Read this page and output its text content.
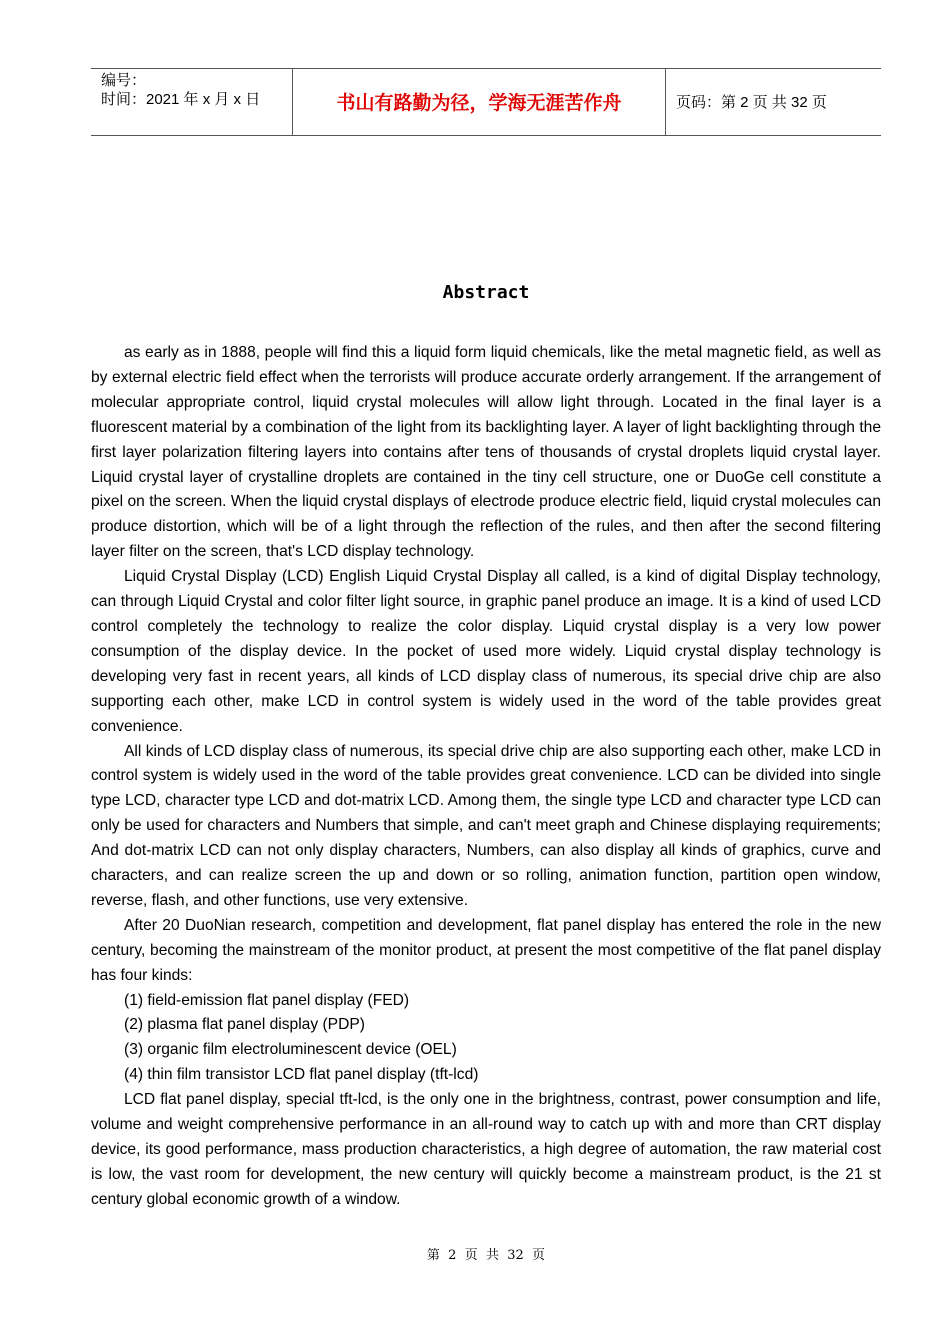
编号：
时间：2021 年 x 月 x 日	书山有路勤为径，学海无涯苦作舟	页码：第 2 页 共 32 页
Abstract

as early as in 1888, people will find this a liquid form liquid chemicals, like the metal magnetic field, as well as by external electric field effect when the terrorists will produce accurate orderly arrangement. If the arrangement of molecular appropriate control, liquid crystal molecules will allow light through. Located in the final layer is a fluorescent material by a combination of the light from its backlighting layer. A layer of light backlighting through the first layer polarization filtering layers into contains after tens of thousands of crystal droplets liquid crystal layer. Liquid crystal layer of crystalline droplets are contained in the tiny cell structure, one or DuoGe cell constitute a pixel on the screen. When the liquid crystal displays of electrode produce electric field, liquid crystal molecules can produce distortion, which will be of a light through the reflection of the rules, and then after the second filtering layer filter on the screen, that's LCD display technology.

Liquid Crystal Display (LCD) English Liquid Crystal Display all called, is a kind of digital Display technology, can through Liquid Crystal and color filter light source, in graphic panel produce an image. It is a kind of used LCD control completely the technology to realize the color display. Liquid crystal display is a very low power consumption of the display device. In the pocket of used more widely. Liquid crystal display technology is developing very fast in recent years, all kinds of LCD display class of numerous, its special drive chip are also supporting each other, make LCD in control system is widely used in the word of the table provides great convenience.

All kinds of LCD display class of numerous, its special drive chip are also supporting each other, make LCD in control system is widely used in the word of the table provides great convenience. LCD can be divided into single type LCD, character type LCD and dot-matrix LCD. Among them, the single type LCD and character type LCD can only be used for characters and Numbers that simple, and can't meet graph and Chinese displaying requirements; And dot-matrix LCD can not only display characters, Numbers, can also display all kinds of graphics, curve and characters, and can realize screen the up and down or so rolling, animation function, partition open window, reverse, flash, and other functions, use very extensive.

After 20 DuoNian research, competition and development, flat panel display has entered the role in the new century, becoming the mainstream of the monitor product, at present the most competitive of the flat panel display has four kinds:

(1) field-emission flat panel display (FED)

(2) plasma flat panel display (PDP)

(3) organic film electroluminescent device (OEL)

(4) thin film transistor LCD flat panel display (tft-lcd)

LCD flat panel display, special tft-lcd, is the only one in the brightness, contrast, power consumption and life, volume and weight comprehensive performance in an all-round way to catch up with and more than CRT display device, its good performance, mass production characteristics, a high degree of automation, the raw material cost is low, the vast room for development, the new century will quickly become a mainstream product, is the 21 st century global economic growth of a window.

第  2  页  共  32  页
